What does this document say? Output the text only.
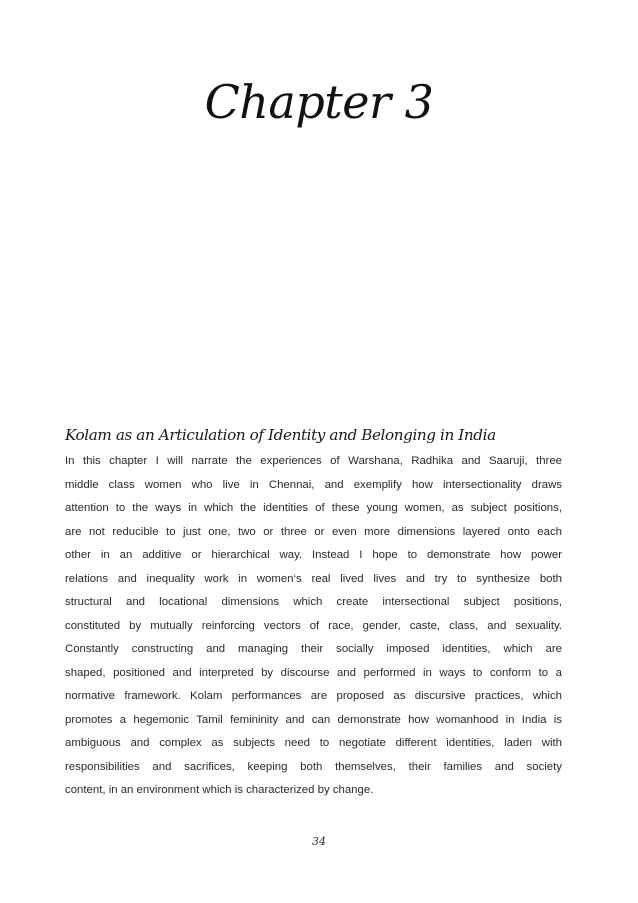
Chapter 3
Kolam as an Articulation of Identity and Belonging in India
In this chapter I will narrate the experiences of Warshana, Radhika and Saaruji, three
middle class women who live in Chennai, and exemplify how intersectionality draws
attention to the ways in which the identities of these young women, as subject positions,
are not reducible to just one, two or three or even more dimensions layered onto each
other in an additive or hierarchical way. Instead I hope to demonstrate how power
relations and inequality work in women‘s real lived lives and try to synthesize both
structural and locational dimensions which create intersectional subject positions,
constituted by mutually reinforcing vectors of race, gender, caste, class, and sexuality.
Constantly constructing and managing their socially imposed identities, which are
shaped, positioned and interpreted by discourse and performed in ways to conform to a
normative framework. Kolam performances are proposed as discursive practices, which
promotes a hegemonic Tamil femininity and can demonstrate how womanhood in India is
ambiguous and complex as subjects need to negotiate different identities, laden with
responsibilities and sacrifices, keeping both themselves, their families and society
content, in an environment which is characterized by change.
34
